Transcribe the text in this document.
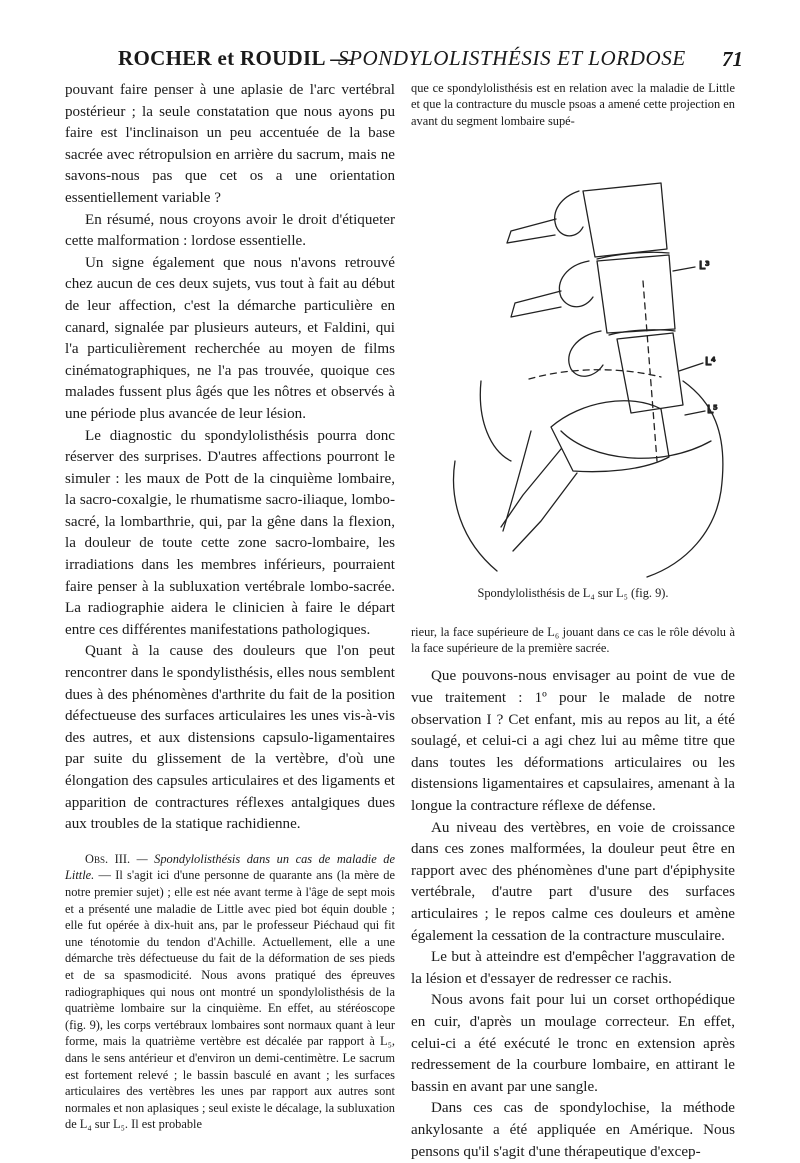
ROCHER et ROUDIL —
SPONDYLOLISTHÉSIS ET LORDOSE 71

pouvant faire penser à une aplasie de l'arc vertébral postérieur ; la seule constatation que nous ayons pu faire est l'inclinaison un peu accentuée de la base sacrée avec rétropulsion en arrière du sacrum, mais ne savons-nous pas que cet os a une orientation essentiellement variable ?

En résumé, nous croyons avoir le droit d'étiqueter cette malformation : lordose essentielle.

Un signe également que nous n'avons retrouvé chez aucun de ces deux sujets, vus tout à fait au début de leur affection, c'est la démarche particulière en canard, signalée par plusieurs auteurs, et Faldini, qui l'a particulièrement recherchée au moyen de films cinématographiques, ne l'a pas trouvée, quoique ces malades fussent plus âgés que les nôtres et observés à une période plus avancée de leur lésion.

Le diagnostic du spondylolisthésis pourra donc réserver des surprises. D'autres affections pourront le simuler : les maux de Pott de la cinquième lombaire, la sacro-coxalgie, le rhumatisme sacro-iliaque, lombo-sacré, la lombarthrie, qui, par la gêne dans la flexion, la douleur de toute cette zone sacro-lombaire, les irradiations dans les membres inférieurs, pourraient faire penser à la subluxation vertébrale lombo-sacrée. La radiographie aidera le clinicien à faire le départ entre ces différentes manifestations pathologiques.

Quant à la cause des douleurs que l'on peut rencontrer dans le spondylisthésis, elles nous semblent dues à des phénomènes d'arthrite du fait de la position défectueuse des surfaces articulaires les unes vis-à-vis des autres, et aux distensions capsulo-ligamentaires par suite du glissement de la vertèbre, d'où une élongation des capsules articulaires et des ligaments et apparition de contractures réflexes antalgiques dues aux troubles de la statique rachidienne.

Obs. III. — Spondylolisthésis dans un cas de maladie de Little. — Il s'agit ici d'une personne de quarante ans (la mère de notre premier sujet) ; elle est née avant terme à l'âge de sept mois et a présenté une maladie de Little avec pied bot équin double ; elle fut opérée à dix-huit ans, par le professeur Piéchaud qui fit une ténotomie du tendon d'Achille. Actuellement, elle a une démarche très défectueuse du fait de la déformation de ses pieds et de sa spasmodicité. Nous avons pratiqué des épreuves radiographiques qui nous ont montré un spondylolisthésis de la quatrième lombaire sur la cinquième. En effet, au stéréoscope (fig. 9), les corps vertébraux lombaires sont normaux quant à leur forme, mais la quatrième vertèbre est décalée par rapport à L₅, dans le sens antérieur et d'environ un demi-centimètre. Le sacrum est fortement relevé ; le bassin basculé en avant ; les surfaces articulaires des vertèbres les unes par rapport aux autres sont normales et non aplasiques ; seul existe le décalage, la subluxation de L₄ sur L₅. Il est probable

que ce spondylolisthésis est en relation avec la maladie de Little et que la contracture du muscle psoas a amené cette projection en avant du segment lombaire supé-

L³
L⁴
L⁵
Spondylolisthésis de L₄ sur L₅ (fig. 9).

rieur, la face supérieure de L₆ jouant dans ce cas le rôle dévolu à la face supérieure de la première sacrée.

Que pouvons-nous envisager au point de vue de vue traitement : 1º pour le malade de notre observation I ? Cet enfant, mis au repos au lit, a été soulagé, et celui-ci a agi chez lui au même titre que dans toutes les déformations articulaires ou les distensions ligamentaires et capsulaires, amenant à la longue la contracture réflexe de défense.

Au niveau des vertèbres, en voie de croissance dans ces zones malformées, la douleur peut être en rapport avec des phénomènes d'une part d'épiphysite vertébrale, d'autre part d'usure des surfaces articulaires ; le repos calme ces douleurs et amène également la cessation de la contracture musculaire.

Le but à atteindre est d'empêcher l'aggravation de la lésion et d'essayer de redresser ce rachis.

Nous avons fait pour lui un corset orthopédique en cuir, d'après un moulage correcteur. En effet, celui-ci a été exécuté le tronc en extension après redressement de la courbure lombaire, en attirant le bassin en avant par une sangle.

Dans ces cas de spondylochise, la méthode ankylosante a été appliquée en Amérique. Nous pensons qu'il s'agit d'une thérapeutique d'excep-
